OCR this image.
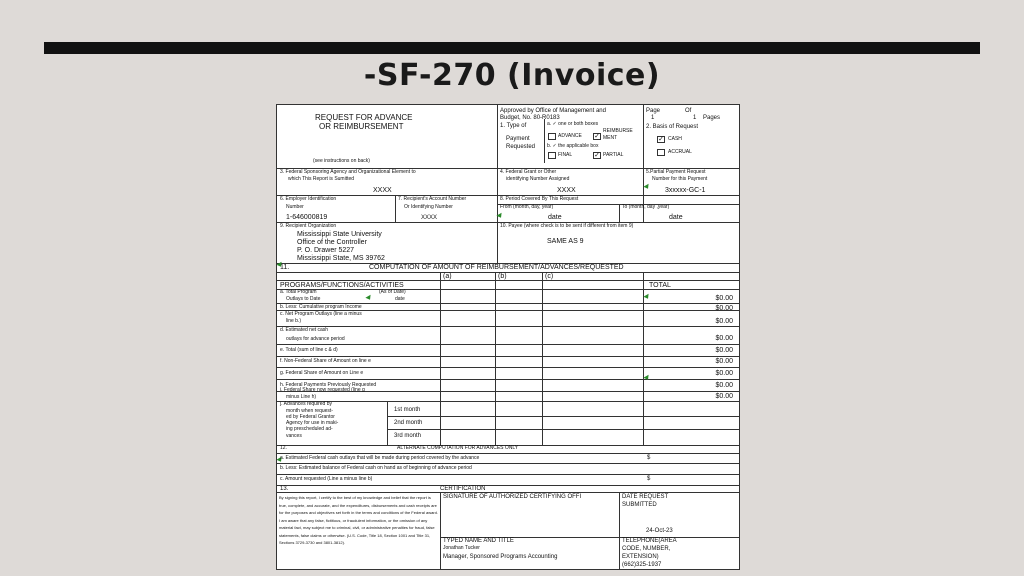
-SF-270 (Invoice)
REQUEST FOR ADVANCE
OR REIMBURSEMENT
(see instructions on back)
Approved by Office of Management and
Budget, No. 80-R0183
Page	Of
1	1 Pages
1. Type of
Payment
Requested
a. ✓ one or both boxes
ADVANCE ✓
REIMBURSE
MENT
b. ✓ the applicable box
FINAL	✓ PARTIAL
2. Basis of Request
✓ CASH
ACCRUAL
3. Federal Sponsoring Agency and Organizational Element to
which This Report is Sumitted
XXXX
4. Federal Grant or Other
identifying Number Assigned
XXXX
5.Partial Payment Request
Number for this Payment
3xxxxx-GC-1
6. Employer Identification
Number
1-646000819
7. Recipient's Account Number
Or Identifying Number
XXXX
8. Period Covered By This Request
From (month, day, year)	To (month, day ,year)
date	date
9. Recipient Organization
Mississippi State University
Office of the Controller
P. O. Drawer 5227
Mississippi State, MS 39762
10. Payee (where check is to be sent if different from item 9)
SAME AS 9
11.	COMPUTATION OF AMOUNT OF REIMBURSEMENT/ADVANCES/REQUESTED
(a)	(b)	(c)
PROGRAMS/FUNCTIONS/ACTIVITIES	TOTAL
a. Total Program
Outlays to Date
(As of Date)
date	$0.00
b. Less: Cumulative program Income	$0.00
c. Net Program Outlays (line a minus
line b.)	$0.00
d. Estimated net cash
outlays for advance period	$0.00
e. Total (sum of line c & d)	$0.00
f. Non-Federal Share of Amount on line e	$0.00
g. Federal Share of Amount on Line e	$0.00
h. Federal Payments Previously Requested	$0.00
i. Federal Share now requested (line g
minus Line h)	$0.00
j. Advances required by
month when request-
ed by Federal Grantor
Agency for use in maki-
ing prescheduled ad-
vances
1st month
2nd month
3rd month
12.	ALTERNATE COMPUTATION FOR ADVANCES ONLY
a. Estimated Federal cash outlays that will be made during period covered by the advance	$
b. Less: Estimated balance of Federal cash on hand as of beginning of advance period
c. Amount requested (Line a minus line b)	$
13.	CERTIFICATION
By signing this report, I certify to the best of my knowledge and belief that the report is true, complete, and accurate, and the expenditures, disbursements and cash receipts are for the purposes and objectives set forth in the terms and conditions of the Federal award. I am aware that any false, fictitious, or fraudulent information, or the omission of any material fact, may subject me to criminal, civil, or administrative penalties for fraud, false statements, false claims or otherwise. (U.S. Code, Title 18, Section 1001 and Title 31, Sections 3729-3730 and 3801-3812).
SIGNATURE OF AUTHORIZED CERTIFYING OFFI	DATE REQUEST
SUBMITTED
24-Oct-23
TYPED NAME AND TITLE
Jonathan Tucker
Manager, Sponsored Programs Accounting
TELEPHONE(AREA
CODE, NUMBER,
EXTENSION)
(662)325-1937
